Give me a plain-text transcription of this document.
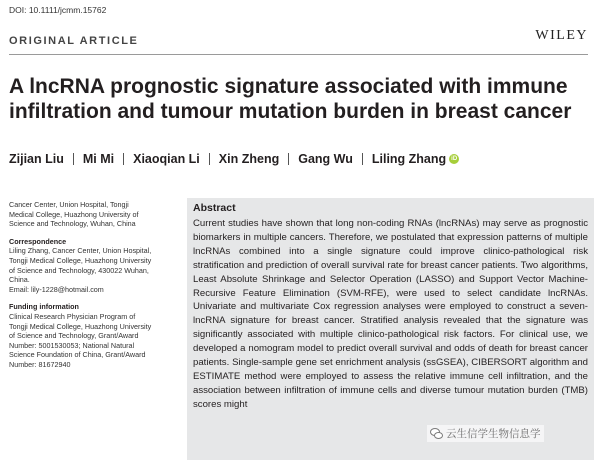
DOI: 10.1111/jcmm.15762
ORIGINAL ARTICLE	WILEY
A lncRNA prognostic signature associated with immune infiltration and tumour mutation burden in breast cancer
Zijian Liu Mi Mi Xiaoqian Li Xin Zheng Gang Wu Liling Zhang iD
Cancer Center, Union Hospital, Tongji
Medical College, Huazhong University of
Science and Technology, Wuhan, China
Correspondence
Liling Zhang, Cancer Center, Union Hospital,
Tongji Medical College, Huazhong University
of Science and Technology, 430022 Wuhan,
China.
Email: lily-1228@hotmail.com
Funding information
Clinical Research Physician Program of
Tongji Medical College, Huazhong University
of Science and Technology, Grant/Award
Number: 5001530053; National Natural
Science Foundation of China, Grant/Award
Number: 81672940
Abstract
Current studies have shown that long non-coding RNAs (lncRNAs) may serve as prognostic biomarkers in multiple cancers. Therefore, we postulated that expression patterns of multiple lncRNAs combined into a single signature could improve clinico-pathological risk stratification and prediction of overall survival rate for breast cancer patients. Two algorithms, Least Absolute Shrinkage and Selector Operation (LASSO) and Support Vector Machine-Recursive Feature Elimination (SVM-RFE), were used to select candidate lncRNAs. Univariate and multivariate Cox regression analyses were employed to construct a seven-lncRNA signature for breast cancer. Stratified analysis revealed that the signature was significantly associated with multiple clinico-pathological risk factors. For clinical use, we developed a nomogram model to predict overall survival and odds of death for breast cancer patients. Single-sample gene set enrichment analysis (ssGSEA), CIBERSORT algorithm and ESTIMATE method were employed to assess the relative immune cell infiltration, and the association between infiltration of immune cells and diverse tumour mutation burden (TMB) scores might
云生信学生物信息学
